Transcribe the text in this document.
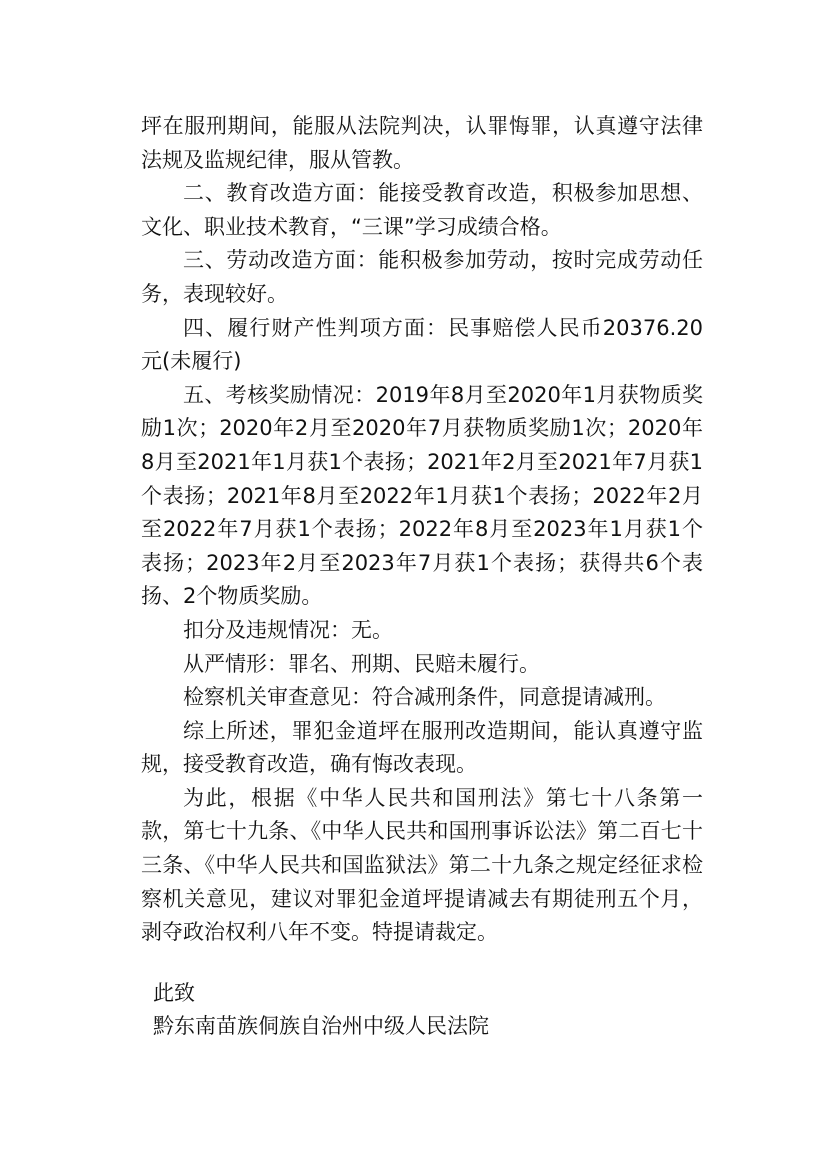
坪在服刑期间，能服从法院判决，认罪悔罪，认真遵守法律法规及监规纪律，服从管教。

二、教育改造方面：能接受教育改造，积极参加思想、文化、职业技术教育，“三课”学习成绩合格。

三、劳动改造方面：能积极参加劳动，按时完成劳动任务，表现较好。

四、履行财产性判项方面：民事赔偿人民币20376.20元(未履行)

五、考核奖励情况：2019年8月至2020年1月获物质奖励1次；2020年2月至2020年7月获物质奖励1次；2020年8月至2021年1月获1个表扬；2021年2月至2021年7月获1个表扬；2021年8月至2022年1月获1个表扬；2022年2月至2022年7月获1个表扬；2022年8月至2023年1月获1个表扬；2023年2月至2023年7月获1个表扬；获得共6个表扬、2个物质奖励。

扣分及违规情况：无。

从严情形：罪名、刑期、民赔未履行。

检察机关审查意见：符合减刑条件，同意提请减刑。

综上所述，罪犯金道坪在服刑改造期间，能认真遵守监规，接受教育改造，确有悔改表现。

为此，根据《中华人民共和国刑法》第七十八条第一款，第七十九条、《中华人民共和国刑事诉讼法》第二百七十三条、《中华人民共和国监狱法》第二十九条之规定经征求检察机关意见，建议对罪犯金道坪提请减去有期徒刑五个月，剥夺政治权利八年不变。特提请裁定。

此致
黔东南苗族侗族自治州中级人民法院
